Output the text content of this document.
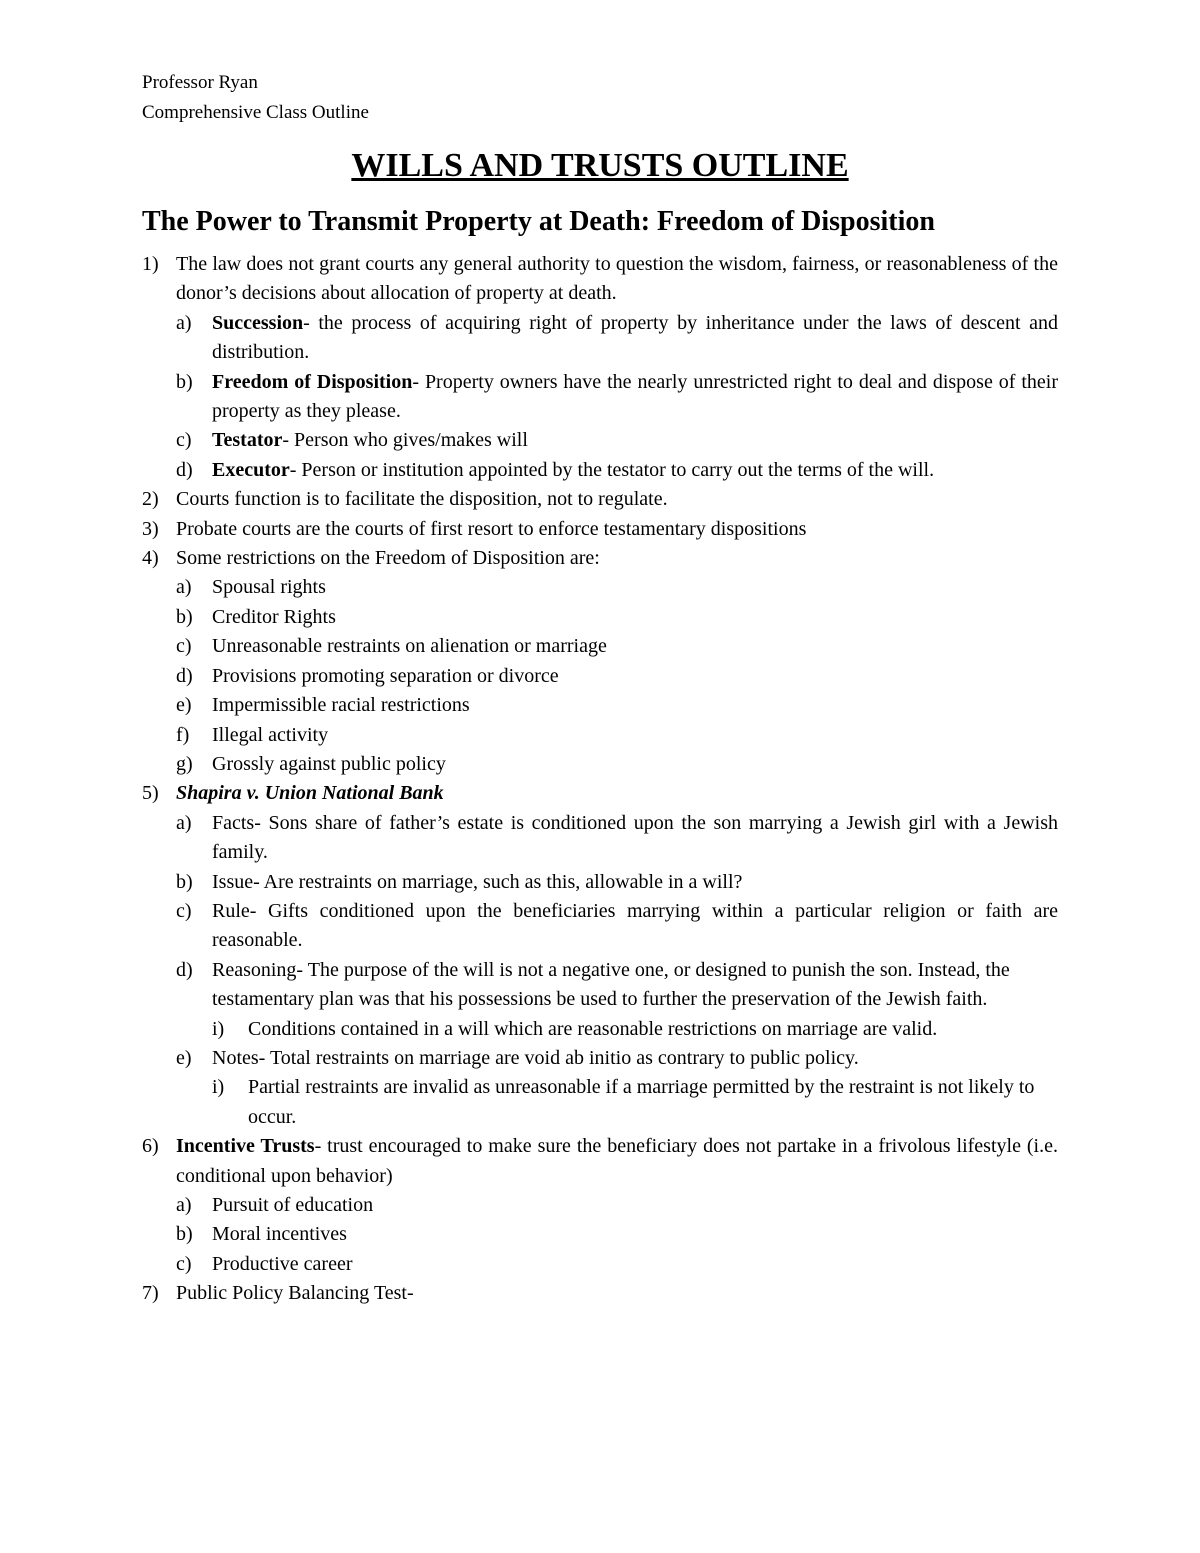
Professor Ryan
Comprehensive Class Outline
WILLS AND TRUSTS OUTLINE
The Power to Transmit Property at Death: Freedom of Disposition
1) The law does not grant courts any general authority to question the wisdom, fairness, or reasonableness of the donor’s decisions about allocation of property at death.
a)	Succession- the process of acquiring right of property by inheritance under the laws of descent and distribution.
b) Freedom of Disposition- Property owners have the nearly unrestricted right to deal and dispose of their property as they please.
c)	Testator- Person who gives/makes will
d) Executor- Person or institution appointed by the testator to carry out the terms of the will.
2) Courts function is to facilitate the disposition, not to regulate.
3) Probate courts are the courts of first resort to enforce testamentary dispositions
4) Some restrictions on the Freedom of Disposition are:
a)	Spousal rights
b) Creditor Rights
c)	Unreasonable restraints on alienation or marriage
d) Provisions promoting separation or divorce
e)	Impermissible racial restrictions
f)	Illegal activity
g) Grossly against public policy
5) Shapira v. Union National Bank
a)	Facts- Sons share of father’s estate is conditioned upon the son marrying a Jewish girl with a Jewish family.
b) Issue- Are restraints on marriage, such as this, allowable in a will?
c)	Rule- Gifts conditioned upon the beneficiaries marrying within a particular religion or faith are reasonable.
d) Reasoning- The purpose of the will is not a negative one, or designed to punish the son. Instead, the testamentary plan was that his possessions be used to further the preservation of the Jewish faith.
i)	Conditions contained in a will which are reasonable restrictions on marriage are valid.
e)	Notes- Total restraints on marriage are void ab initio as contrary to public policy.
i)	Partial restraints are invalid as unreasonable if a marriage permitted by the restraint is not likely to occur.
6) Incentive Trusts- trust encouraged to make sure the beneficiary does not partake in a frivolous lifestyle (i.e. conditional upon behavior)
a)	Pursuit of education
b) Moral incentives
c)	Productive career
7) Public Policy Balancing Test-
